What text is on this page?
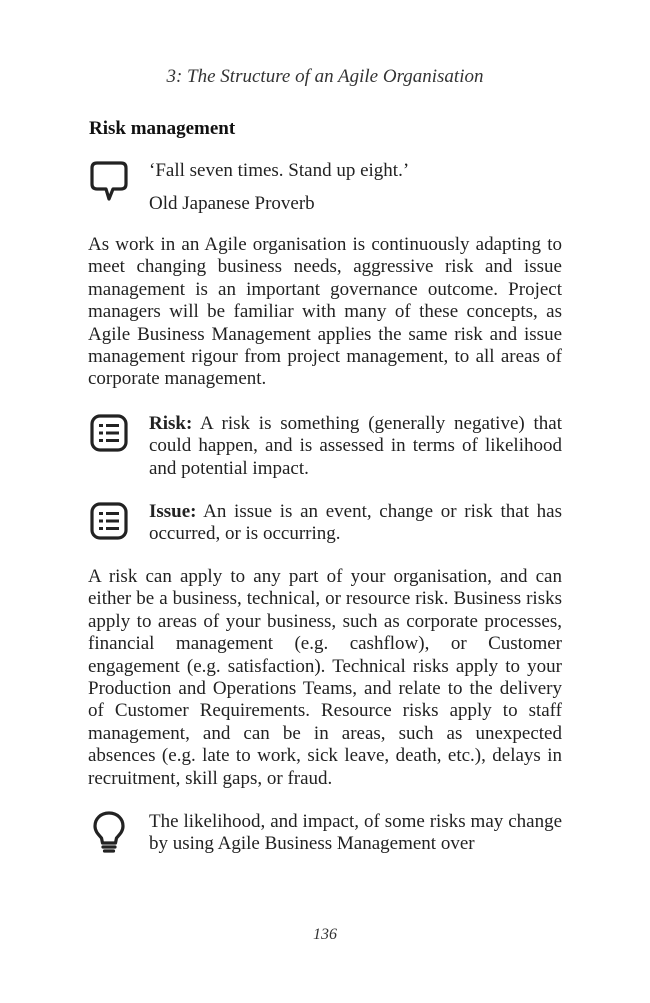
3: The Structure of an Agile Organisation
Risk management
‘Fall seven times. Stand up eight.’
Old Japanese Proverb
As work in an Agile organisation is continuously adapting to meet changing business needs, aggressive risk and issue management is an important governance outcome. Project managers will be familiar with many of these concepts, as Agile Business Management applies the same risk and issue management rigour from project management, to all areas of corporate management.
Risk: A risk is something (generally negative) that could happen, and is assessed in terms of likelihood and potential impact.
Issue: An issue is an event, change or risk that has occurred, or is occurring.
A risk can apply to any part of your organisation, and can either be a business, technical, or resource risk. Business risks apply to areas of your business, such as corporate processes, financial management (e.g. cashflow), or Customer engagement (e.g. satisfaction). Technical risks apply to your Production and Operations Teams, and relate to the delivery of Customer Requirements. Resource risks apply to staff management, and can be in areas, such as unexpected absences (e.g. late to work, sick leave, death, etc.), delays in recruitment, skill gaps, or fraud.
The likelihood, and impact, of some risks may change by using Agile Business Management over
136
